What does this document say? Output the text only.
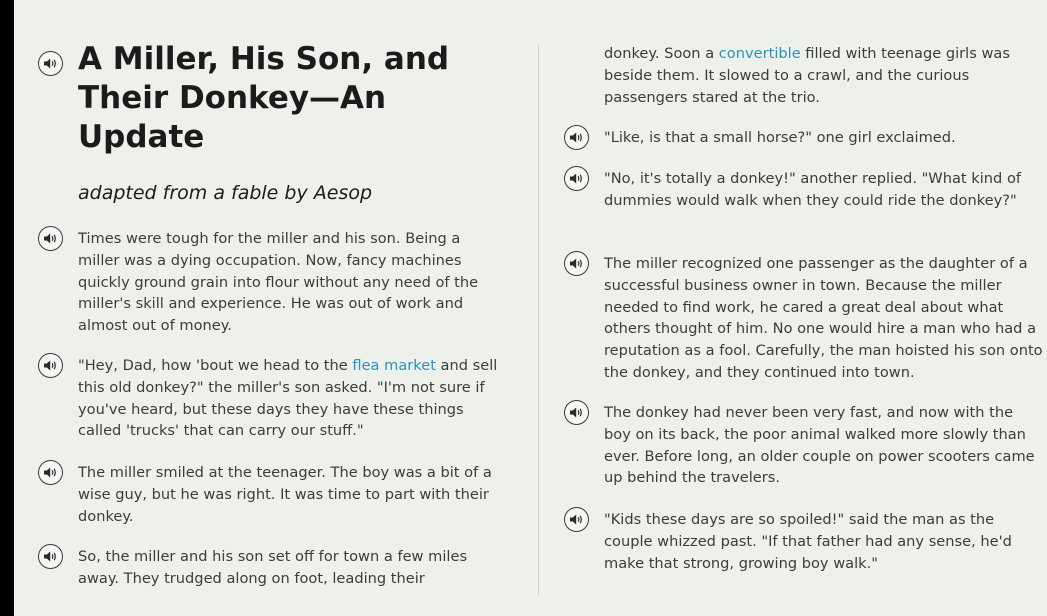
A Miller, His Son, and Their Donkey—An Update

adapted from a fable by Aesop

Times were tough for the miller and his son. Being a miller was a dying occupation. Now, fancy machines quickly ground grain into flour without any need of the miller's skill and experience. He was out of work and almost out of money.

"Hey, Dad, how 'bout we head to the flea market and sell this old donkey?" the miller's son asked. "I'm not sure if you've heard, but these days they have these things called 'trucks' that can carry our stuff."

The miller smiled at the teenager. The boy was a bit of a wise guy, but he was right. It was time to part with their donkey.

So, the miller and his son set off for town a few miles away. They trudged along on foot, leading their

donkey. Soon a convertible filled with teenage girls was beside them. It slowed to a crawl, and the curious passengers stared at the trio.

"Like, is that a small horse?" one girl exclaimed.

"No, it's totally a donkey!" another replied. "What kind of dummies would walk when they could ride the donkey?"

The miller recognized one passenger as the daughter of a successful business owner in town. Because the miller needed to find work, he cared a great deal about what others thought of him. No one would hire a man who had a reputation as a fool. Carefully, the man hoisted his son onto the donkey, and they continued into town.

The donkey had never been very fast, and now with the boy on its back, the poor animal walked more slowly than ever. Before long, an older couple on power scooters came up behind the travelers.

"Kids these days are so spoiled!" said the man as the couple whizzed past. "If that father had any sense, he'd make that strong, growing boy walk."
